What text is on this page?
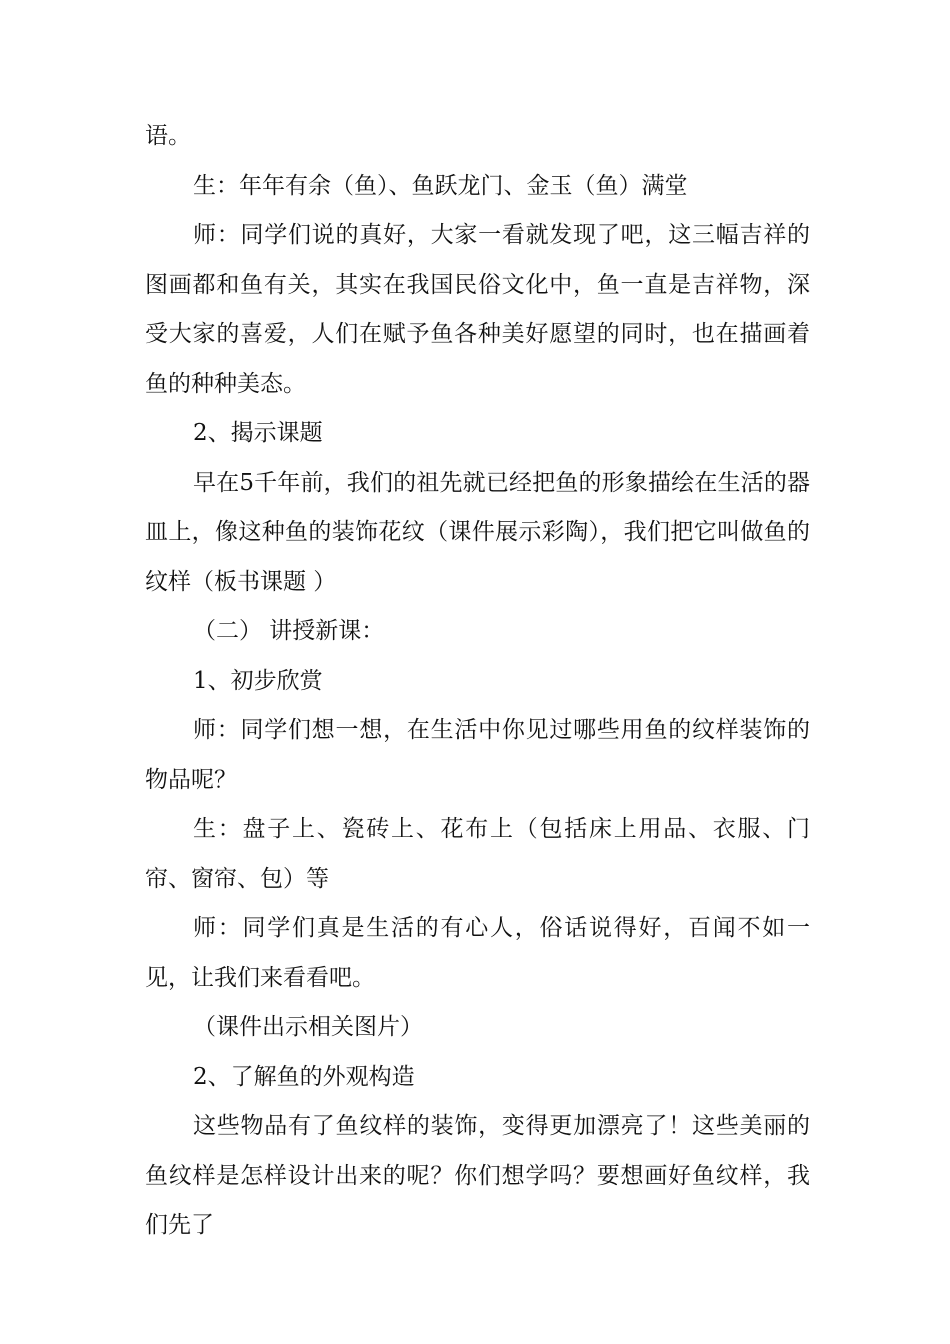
语。

生：年年有余（鱼）、鱼跃龙门、金玉（鱼）满堂

师：同学们说的真好，大家一看就发现了吧，这三幅吉祥的图画都和鱼有关，其实在我国民俗文化中，鱼一直是吉祥物，深受大家的喜爱，人们在赋予鱼各种美好愿望的同时，也在描画着鱼的种种美态。

2、揭示课题

早在5千年前，我们的祖先就已经把鱼的形象描绘在生活的器皿上，像这种鱼的装饰花纹（课件展示彩陶），我们把它叫做鱼的纹样（板书课题 ）

（二） 讲授新课：

1、初步欣赏

师：同学们想一想，在生活中你见过哪些用鱼的纹样装饰的物品呢？

生：盘子上、瓷砖上、花布上（包括床上用品、衣服、门帘、窗帘、包）等

师：同学们真是生活的有心人，俗话说得好，百闻不如一见，让我们来看看吧。

（课件出示相关图片）

2、了解鱼的外观构造

这些物品有了鱼纹样的装饰，变得更加漂亮了！这些美丽的鱼纹样是怎样设计出来的呢？你们想学吗？要想画好鱼纹样，我们先了
